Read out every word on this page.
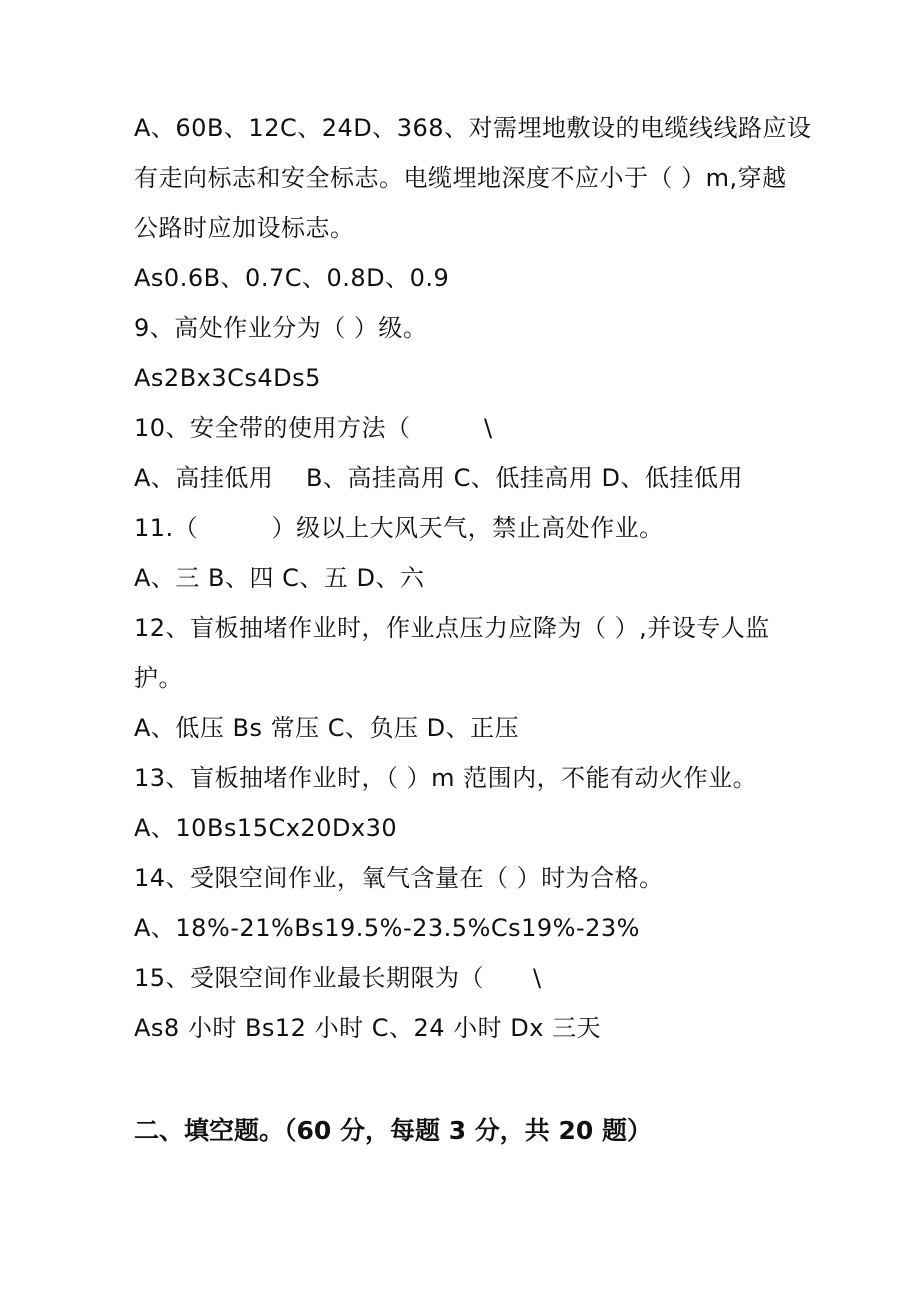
A、60B、12C、24D、368、对需埋地敷设的电缆线线路应设
有走向标志和安全标志。电缆埋地深度不应小于（ ）m,穿越
公路时应加设标志。
As0.6B、0.7C、0.8D、0.9
9、高处作业分为（ ）级。
As2Bx3Cs4Ds5
10、安全带的使用方法（　　　\
A、高挂低用　 B、高挂高用 C、低挂高用 D、低挂低用
11.（　　　）级以上大风天气，禁止高处作业。
A、三 B、四 C、五 D、六
12、盲板抽堵作业时，作业点压力应降为（ ）,并设专人监
护。
A、低压 Bs 常压 C、负压 D、正压
13、盲板抽堵作业时，（ ）m 范围内，不能有动火作业。
A、10Bs15Cx20Dx30
14、受限空间作业，氧气含量在（ ）时为合格。
A、18%-21%Bs19.5%-23.5%Cs19%-23%
15、受限空间作业最长期限为（　　\
As8 小时 Bs12 小时 C、24 小时 Dx 三天
二、填空题。（60 分，每题 3 分，共 20 题）
